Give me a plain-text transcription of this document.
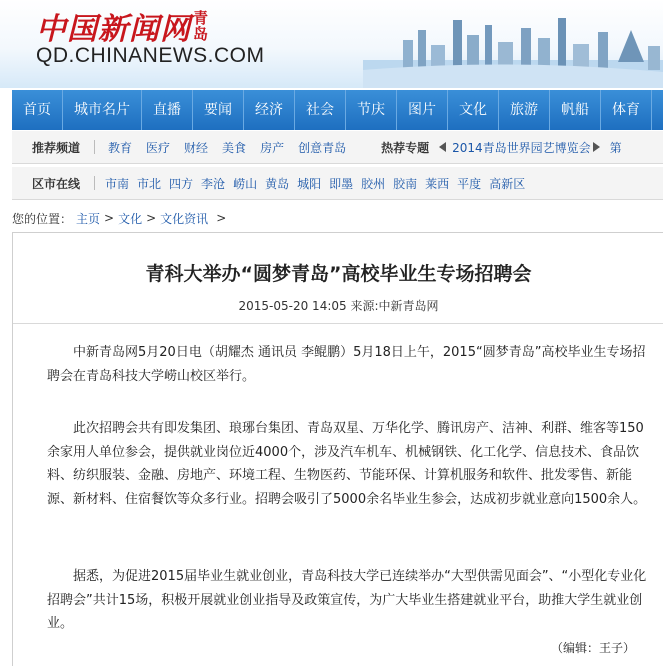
中国新闻网 青岛
QD.CHINANEWS.COM
首页	城市名片	直播	要闻	经济	社会	节庆	图片	文化	旅游	帆船	体育
推荐频道	教育 医疗 财经 美食 房产 创意青岛	热荐专题 2014青岛世界园艺博览会 第
区市在线	市南 市北 四方 李沧 崂山 黄岛 城阳 即墨 胶州 胶南 莱西 平度 高新区
您的位置： 主页 > 文化 > 文化资讯 >
青科大举办“圆梦青岛”高校毕业生专场招聘会
2015-05-20 14:05 来源:中新青岛网

中新青岛网5月20日电（胡耀杰 通讯员 李鲲鹏）5月18日上午，2015“圆梦青岛”高校毕业生专场招聘会在青岛科技大学崂山校区举行。

此次招聘会共有即发集团、琅琊台集团、青岛双星、万华化学、腾讯房产、洁神、利群、维客等150余家用人单位参会，提供就业岗位近4000个，涉及汽车机车、机械钢铁、化工化学、信息技术、食品饮料、纺织服装、金融、房地产、环境工程、生物医药、节能环保、计算机服务和软件、批发零售、新能源、新材料、住宿餐饮等众多行业。招聘会吸引了5000余名毕业生参会，达成初步就业意向1500余人。

据悉，为促进2015届毕业生就业创业，青岛科技大学已连续举办“大型供需见面会”、“小型化专业化招聘会”共计15场，积极开展就业创业指导及政策宣传，为广大毕业生搭建就业平台，助推大学生就业创业。

（编辑：王子）
